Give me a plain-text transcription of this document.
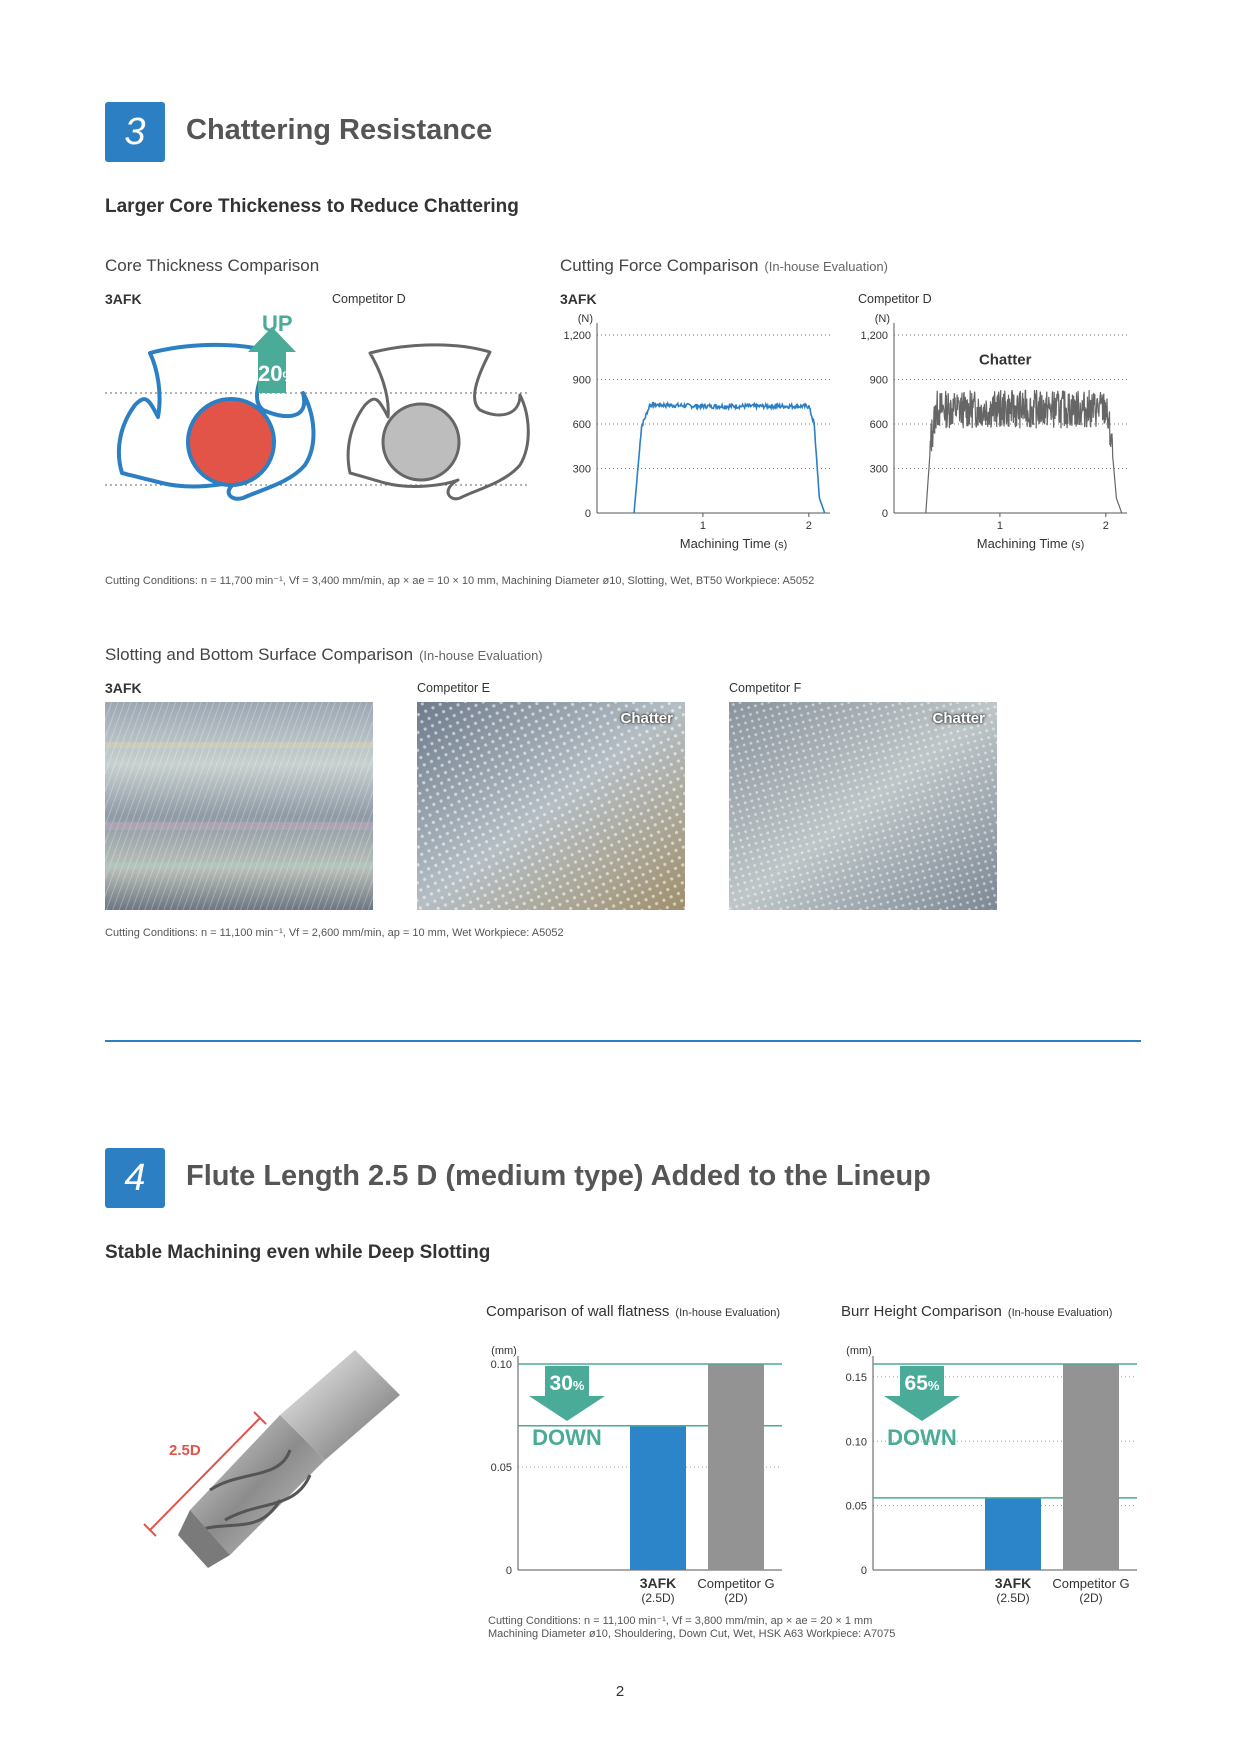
3	Chattering Resistance
Larger Core Thickeness to Reduce Chattering
Core Thickness Comparison
3AFK	Competitor D
UP
20%
Cutting Force Comparison (In-house Evaluation)
3AFK	Competitor D
(N)
0
300
600
900
1,200
1	2
Machining Time (s)
(N)
0
300
600
900
1,200
1	2
Machining Time (s)
Chatter
Cutting Conditions: n = 11,700 min⁻¹, Vf = 3,400 mm/min, ap × ae = 10 × 10 mm, Machining Diameter ø10, Slotting, Wet, BT50 Workpiece: A5052
Slotting and Bottom Surface Comparison (In-house Evaluation)
3AFK	Competitor E	Competitor F
Chatter	Chatter
Cutting Conditions: n = 11,100 min⁻¹, Vf = 2,600 mm/min, ap = 10 mm, Wet Workpiece: A5052
4	Flute Length 2.5 D (medium type) Added to the Lineup
Stable Machining even while Deep Slotting
2.5D
Comparison of wall flatness (In-house Evaluation)
(mm)
0
0.05
0.10
3AFK
(2.5D)
Competitor G
(2D)
30%
DOWN
Burr Height Comparison (In-house Evaluation)
(mm)
0
0.05
0.10
0.15
3AFK
(2.5D)
Competitor G
(2D)
65%
DOWN
Cutting Conditions: n = 11,100 min⁻¹, Vf = 3,800 mm/min, ap × ae = 20 × 1 mm
Machining Diameter ø10, Shouldering, Down Cut, Wet, HSK A63 Workpiece: A7075
2
